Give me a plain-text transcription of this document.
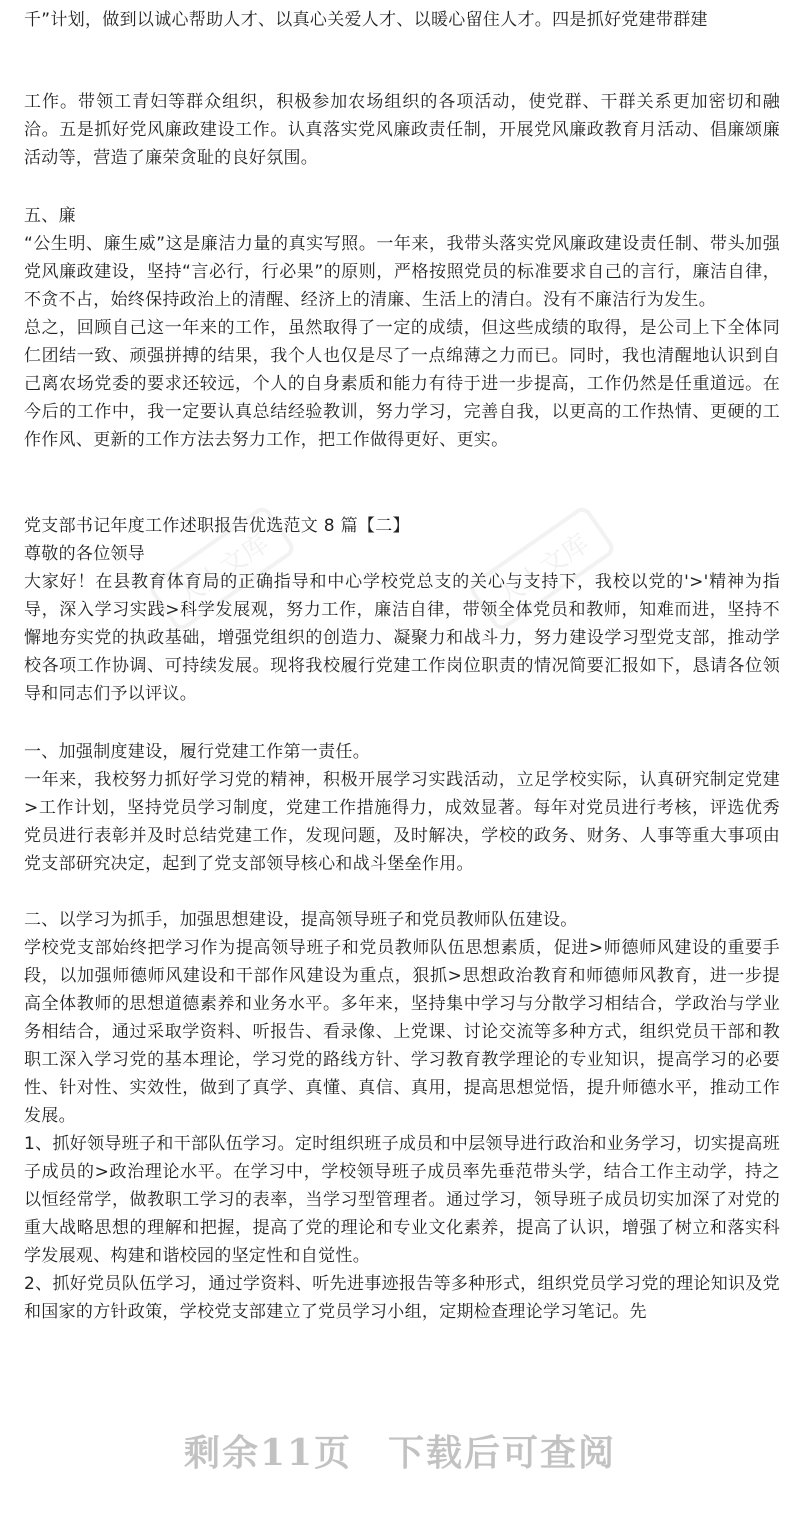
人人文库	人人文库

千”计划，做到以诚心帮助人才、以真心关爱人才、以暖心留住人才。四是抓好党建带群建

工作。带领工青妇等群众组织，积极参加农场组织的各项活动，使党群、干群关系更加密切和融洽。五是抓好党风廉政建设工作。认真落实党风廉政责任制，开展党风廉政教育月活动、倡廉颂廉活动等，营造了廉荣贪耻的良好氛围。

五、廉

“公生明、廉生威”这是廉洁力量的真实写照。一年来，我带头落实党风廉政建设责任制、带头加强党风廉政建设，坚持“言必行，行必果”的原则，严格按照党员的标准要求自己的言行，廉洁自律，不贪不占，始终保持政治上的清醒、经济上的清廉、生活上的清白。没有不廉洁行为发生。

总之，回顾自己这一年来的工作，虽然取得了一定的成绩，但这些成绩的取得，是公司上下全体同仁团结一致、顽强拼搏的结果，我个人也仅是尽了一点绵薄之力而已。同时，我也清醒地认识到自己离农场党委的要求还较远，个人的自身素质和能力有待于进一步提高，工作仍然是任重道远。在今后的工作中，我一定要认真总结经验教训，努力学习，完善自我，以更高的工作热情、更硬的工作作风、更新的工作方法去努力工作，把工作做得更好、更实。

党支部书记年度工作述职报告优选范文 8 篇【二】

尊敬的各位领导

大家好！在县教育体育局的正确指导和中心学校党总支的关心与支持下，我校以党的'>'精神为指导，深入学习实践>科学发展观，努力工作，廉洁自律，带领全体党员和教师，知难而进，坚持不懈地夯实党的执政基础，增强党组织的创造力、凝聚力和战斗力，努力建设学习型党支部，推动学校各项工作协调、可持续发展。现将我校履行党建工作岗位职责的情况简要汇报如下，恳请各位领导和同志们予以评议。

一、加强制度建设，履行党建工作第一责任。

一年来，我校努力抓好学习党的精神，积极开展学习实践活动，立足学校实际，认真研究制定党建>工作计划，坚持党员学习制度，党建工作措施得力，成效显著。每年对党员进行考核，评选优秀党员进行表彰并及时总结党建工作，发现问题，及时解决，学校的政务、财务、人事等重大事项由党支部研究决定，起到了党支部领导核心和战斗堡垒作用。

二、以学习为抓手，加强思想建设，提高领导班子和党员教师队伍建设。

学校党支部始终把学习作为提高领导班子和党员教师队伍思想素质，促进>师德师风建设的重要手段，以加强师德师风建设和干部作风建设为重点，狠抓>思想政治教育和师德师风教育，进一步提高全体教师的思想道德素养和业务水平。多年来，坚持集中学习与分散学习相结合，学政治与学业务相结合，通过采取学资料、听报告、看录像、上党课、讨论交流等多种方式，组织党员干部和教职工深入学习党的基本理论，学习党的路线方针、学习教育教学理论的专业知识，提高学习的必要性、针对性、实效性，做到了真学、真懂、真信、真用，提高思想觉悟，提升师德水平，推动工作发展。

1、抓好领导班子和干部队伍学习。定时组织班子成员和中层领导进行政治和业务学习，切实提高班子成员的>政治理论水平。在学习中，学校领导班子成员率先垂范带头学，结合工作主动学，持之以恒经常学，做教职工学习的表率，当学习型管理者。通过学习，领导班子成员切实加深了对党的重大战略思想的理解和把握，提高了党的理论和专业文化素养，提高了认识，增强了树立和落实科学发展观、构建和谐校园的坚定性和自觉性。

2、抓好党员队伍学习，通过学资料、听先进事迹报告等多种形式，组织党员学习党的理论知识及党和国家的方针政策，学校党支部建立了党员学习小组，定期检查理论学习笔记。先

剩余11页 下载后可查阅
